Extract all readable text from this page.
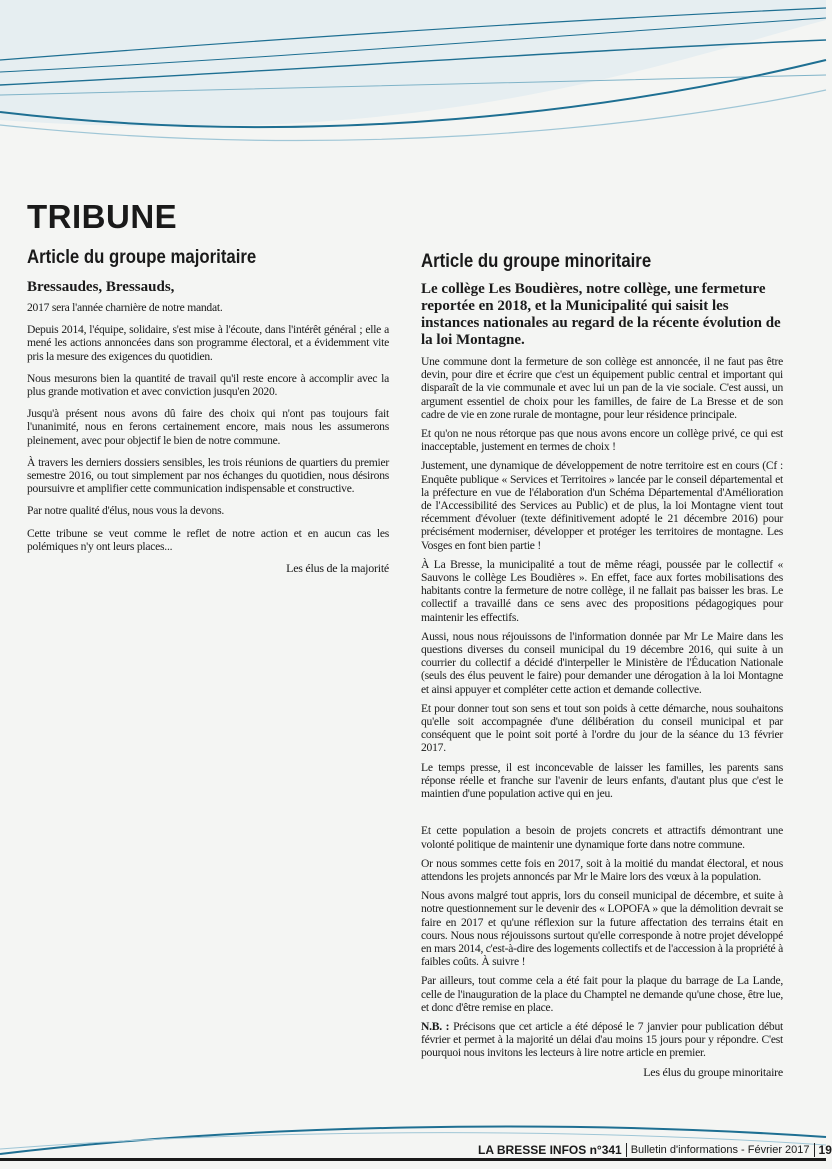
TRIBUNE
Article du groupe majoritaire
Bressaudes, Bressauds,

2017 sera l'année charnière de notre mandat.

Depuis 2014, l'équipe, solidaire, s'est mise à l'écoute, dans l'intérêt général ; elle a mené les actions annoncées dans son programme électoral, et a évidemment vite pris la mesure des exigences du quotidien.

Nous mesurons bien la quantité de travail qu'il reste encore à accomplir avec la plus grande motivation et avec conviction jusqu'en 2020.

Jusqu'à présent nous avons dû faire des choix qui n'ont pas toujours fait l'unanimité, nous en ferons certainement encore, mais nous les assumerons pleinement, avec pour objectif le bien de notre commune.

À travers les derniers dossiers sensibles, les trois réunions de quartiers du premier semestre 2016, ou tout simplement par nos échanges du quotidien, nous désirons poursuivre et amplifier cette communication indispensable et constructive.

Par notre qualité d'élus, nous vous la devons.

Cette tribune se veut comme le reflet de notre action et en aucun cas les polémiques n'y ont leurs places...

Les élus de la majorité

Article du groupe minoritaire
Le collège Les Boudières, notre collège, une fermeture reportée en 2018, et la Municipalité qui saisit les instances nationales au regard de la récente évolution de la loi Montagne.

Une commune dont la fermeture de son collège est annoncée, il ne faut pas être devin, pour dire et écrire que c'est un équipement public central et important qui disparaît de la vie communale et avec lui un pan de la vie sociale. C'est aussi, un argument essentiel de choix pour les familles, de faire de La Bresse et de son cadre de vie en zone rurale de montagne, pour leur résidence principale.

Et qu'on ne nous rétorque pas que nous avons encore un collège privé, ce qui est inacceptable, justement en termes de choix !

Justement, une dynamique de développement de notre territoire est en cours (Cf : Enquête publique « Services et Territoires » lancée par le conseil départemental et la préfecture en vue de l'élaboration d'un Schéma Départemental d'Amélioration de l'Accessibilité des Services au Public) et de plus, la loi Montagne vient tout récemment d'évoluer (texte définitivement adopté le 21 décembre 2016) pour précisément moderniser, développer et protéger les territoires de montagne. Les Vosges en font bien partie !

À La Bresse, la municipalité a tout de même réagi, poussée par le collectif « Sauvons le collège Les Boudières ». En effet, face aux fortes mobilisations des habitants contre la fermeture de notre collège, il ne fallait pas baisser les bras. Le collectif a travaillé dans ce sens avec des propositions pédagogiques pour maintenir les effectifs.

Aussi, nous nous réjouissons de l'information donnée par Mr Le Maire dans les questions diverses du conseil municipal du 19 décembre 2016, qui suite à un courrier du collectif a décidé d'interpeller le Ministère de l'Éducation Nationale (seuls des élus peuvent le faire) pour demander une dérogation à la loi Montagne et ainsi appuyer et compléter cette action et demande collective.

Et pour donner tout son sens et tout son poids à cette démarche, nous souhaitons qu'elle soit accompagnée d'une délibération du conseil municipal et par conséquent que le point soit porté à l'ordre du jour de la séance du 13 février 2017.

Le temps presse, il est inconcevable de laisser les familles, les parents sans réponse réelle et franche sur l'avenir de leurs enfants, d'autant plus que c'est le maintien d'une population active qui en jeu.

Et cette population a besoin de projets concrets et attractifs démontrant une volonté politique de maintenir une dynamique forte dans notre commune.

Or nous sommes cette fois en 2017, soit à la moitié du mandat électoral, et nous attendons les projets annoncés par Mr le Maire lors des vœux à la population.

Nous avons malgré tout appris, lors du conseil municipal de décembre, et suite à notre questionnement sur le devenir des « LOPOFA » que la démolition devrait se faire en 2017 et qu'une réflexion sur la future affectation des terrains était en cours. Nous nous réjouissons surtout qu'elle corresponde à notre projet développé en mars 2014, c'est-à-dire des logements collectifs et de l'accession à la propriété à faibles coûts. À suivre !

Par ailleurs, tout comme cela a été fait pour la plaque du barrage de La Lande, celle de l'inauguration de la place du Champtel ne demande qu'une chose, être lue, et donc d'être remise en place.

N.B. : Précisons que cet article a été déposé le 7 janvier pour publication début février et permet à la majorité un délai d'au moins 15 jours pour y répondre. C'est pourquoi nous invitons les lecteurs à lire notre article en premier.

Les élus du groupe minoritaire

LA BRESSE INFOS n°341 Bulletin d'informations - Février 2017 19
